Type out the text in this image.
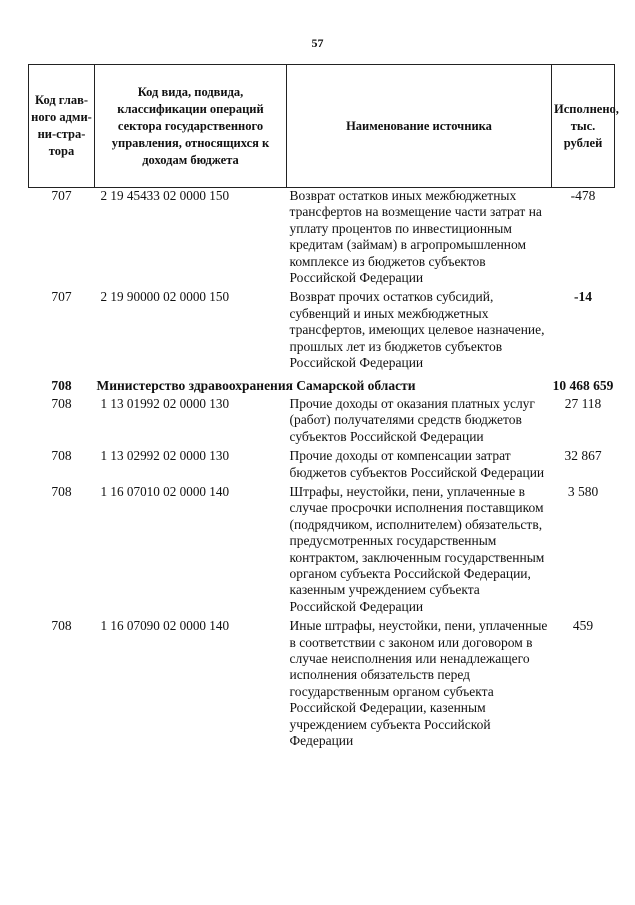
57
Код глав-ного адми-ни-стра-тора	Код вида, подвида, классификации операций сектора государственного управления, относящихся к доходам бюджета	Наименование источника	Исполнено, тыс. рублей
707	2 19 45433 02 0000 150	Возврат остатков иных межбюджетных трансфертов на возмещение части затрат на уплату процентов по инвестиционным кредитам (займам) в агропромышленном комплексе из бюджетов субъектов Российской Федерации	-478
707	2 19 90000 02 0000 150	Возврат прочих остатков субсидий, субвенций и иных межбюджетных трансфертов, имеющих целевое назначение, прошлых лет из бюджетов субъектов Российской Федерации	-14
708	Министерство здравоохранения Самарской области		10 468 659
708	1 13 01992 02 0000 130	Прочие доходы от оказания платных услуг (работ) получателями средств бюджетов субъектов Российской Федерации	27 118
708	1 13 02992 02 0000 130	Прочие доходы от компенсации затрат бюджетов субъектов Российской Федерации	32 867
708	1 16 07010 02 0000 140	Штрафы, неустойки, пени, уплаченные в случае просрочки исполнения поставщиком (подрядчиком, исполнителем) обязательств, предусмотренных государственным контрактом, заключенным государственным органом субъекта Российской Федерации, казенным учреждением субъекта Российской Федерации	3 580
708	1 16 07090 02 0000 140	Иные штрафы, неустойки, пени, уплаченные в соответствии с законом или договором в случае неисполнения или ненадлежащего исполнения обязательств перед государственным органом субъекта Российской Федерации, казенным учреждением субъекта Российской Федерации	459
